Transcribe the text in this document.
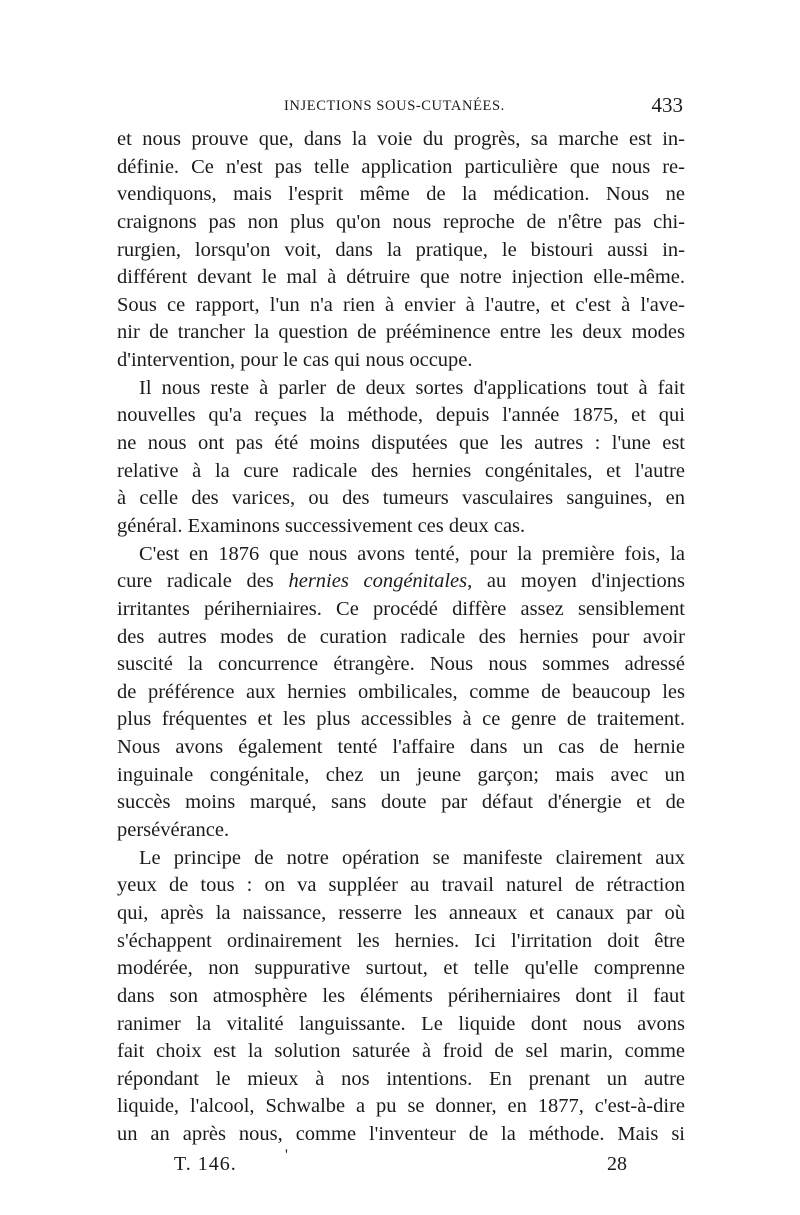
INJECTIONS SOUS-CUTANÉES.	433
et nous prouve que, dans la voie du progrès, sa marche est in-
définie. Ce n'est pas telle application particulière que nous re-
vendiquons, mais l'esprit même de la médication. Nous ne
craignons pas non plus qu'on nous reproche de n'être pas chi-
rurgien, lorsqu'on voit, dans la pratique, le bistouri aussi in-
différent devant le mal à détruire que notre injection elle-même.
Sous ce rapport, l'un n'a rien à envier à l'autre, et c'est à l'ave-
nir de trancher la question de prééminence entre les deux modes
d'intervention, pour le cas qui nous occupe.
Il nous reste à parler de deux sortes d'applications tout à fait
nouvelles qu'a reçues la méthode, depuis l'année 1875, et qui
ne nous ont pas été moins disputées que les autres : l'une est
relative à la cure radicale des hernies congénitales, et l'autre
à celle des varices, ou des tumeurs vasculaires sanguines, en
général. Examinons successivement ces deux cas.
C'est en 1876 que nous avons tenté, pour la première fois, la
cure radicale des hernies congénitales, au moyen d'injections
irritantes périherniaires. Ce procédé diffère assez sensiblement
des autres modes de curation radicale des hernies pour avoir
suscité la concurrence étrangère. Nous nous sommes adressé
de préférence aux hernies ombilicales, comme de beaucoup les
plus fréquentes et les plus accessibles à ce genre de traitement.
Nous avons également tenté l'affaire dans un cas de hernie
inguinale congénitale, chez un jeune garçon; mais avec un
succès moins marqué, sans doute par défaut d'énergie et de
persévérance.
Le principe de notre opération se manifeste clairement aux
yeux de tous : on va suppléer au travail naturel de rétraction
qui, après la naissance, resserre les anneaux et canaux par où
s'échappent ordinairement les hernies. Ici l'irritation doit être
modérée, non suppurative surtout, et telle qu'elle comprenne
dans son atmosphère les éléments périherniaires dont il faut
ranimer la vitalité languissante. Le liquide dont nous avons
fait choix est la solution saturée à froid de sel marin, comme
répondant le mieux à nos intentions. En prenant un autre
liquide, l'alcool, Schwalbe a pu se donner, en 1877, c'est-à-dire
un an après nous, comme l'inventeur de la méthode. Mais si
T. 146.	'	28
